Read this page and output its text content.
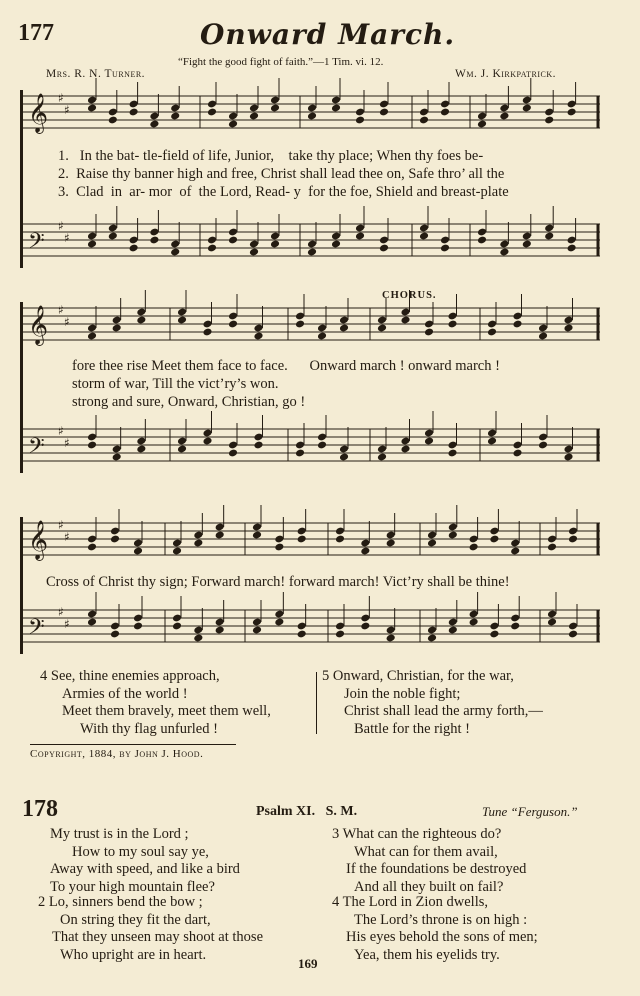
177	Onward March.
“Fight the good fight of faith.”—1 Tim. vi. 12.
Mrs. R. N. Turner.	Wm. J. Kirkpatrick.
𝄞 ♯
♯
𝄢
♯
♯
𝄞 ♯
♯
𝄢
♯
♯
𝄞 ♯
♯
𝄢
♯
♯
1.   In the bat- tle-field of life, Junior,    take thy place; When thy foes be-
2.  Raise thy banner high and free, Christ shall lead thee on, Safe thro’ all the
3.  Clad  in  ar- mor  of  the Lord, Read- y  for the foe, Shield and breast-plate
CHORUS.
fore thee rise Meet them face to face.      Onward march ! onward march !
storm of war, Till the vict’ry’s won.
strong and sure, Onward, Christian, go !
Cross of Christ thy sign; Forward march! forward march! Vict’ry shall be thine!
4 See, thine enemies approach,
Armies of the world !
Meet them bravely, meet them well,
With thy flag unfurled !
5 Onward, Christian, for the war,
Join the noble fight;
Christ shall lead the army forth,—
Battle for the right !
Copyright, 1884, by John J. Hood.
178	Psalm XI.   S. M.	Tune “Ferguson.”
My trust is in the Lord ;
How to my soul say ye,
Away with speed, and like a bird
To your high mountain flee?
2 Lo, sinners bend the bow ;
On string they fit the dart,
That they unseen may shoot at those
Who upright are in heart.
3 What can the righteous do?
What can for them avail,
If the foundations be destroyed
And all they built on fail?
4 The Lord in Zion dwells,
The Lord’s throne is on high :
His eyes behold the sons of men;
Yea, them his eyelids try.
169
